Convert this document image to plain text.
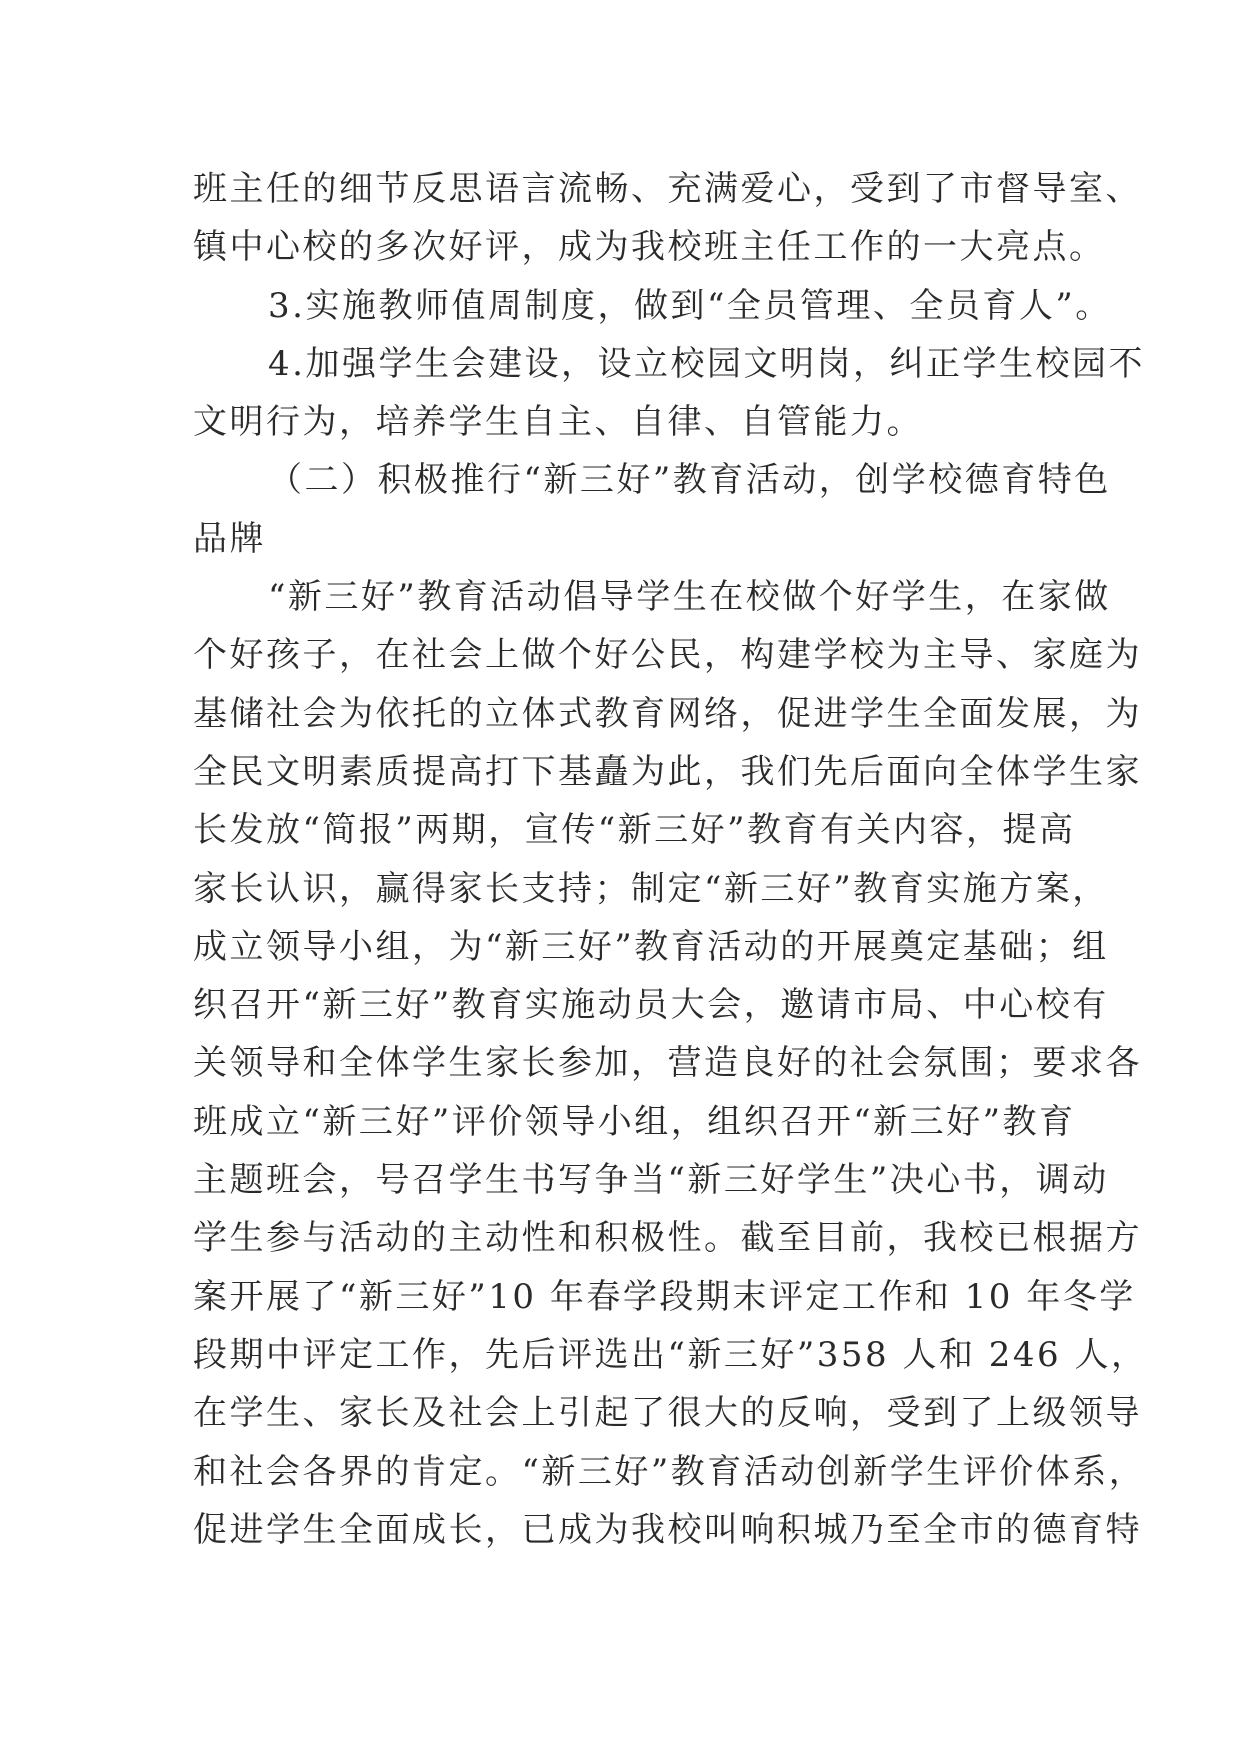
班主任的细节反思语言流畅、充满爱心，受到了市督导室、
镇中心校的多次好评，成为我校班主任工作的一大亮点。
3.实施教师值周制度，做到“全员管理、全员育人”。
4.加强学生会建设，设立校园文明岗，纠正学生校园不
文明行为，培养学生自主、自律、自管能力。
（二）积极推行“新三好”教育活动，创学校德育特色
品牌
“新三好”教育活动倡导学生在校做个好学生，在家做
个好孩子，在社会上做个好公民，构建学校为主导、家庭为
基储社会为依托的立体式教育网络，促进学生全面发展，为
全民文明素质提高打下基矗为此，我们先后面向全体学生家
长发放“简报”两期，宣传“新三好”教育有关内容，提高
家长认识，赢得家长支持；制定“新三好”教育实施方案，
成立领导小组，为“新三好”教育活动的开展奠定基础；组
织召开“新三好”教育实施动员大会，邀请市局、中心校有
关领导和全体学生家长参加，营造良好的社会氛围；要求各
班成立“新三好”评价领导小组，组织召开“新三好”教育
主题班会，号召学生书写争当“新三好学生”决心书，调动
学生参与活动的主动性和积极性。截至目前，我校已根据方
案开展了“新三好”10 年春学段期末评定工作和 10 年冬学
段期中评定工作，先后评选出“新三好”358 人和 246 人，
在学生、家长及社会上引起了很大的反响，受到了上级领导
和社会各界的肯定。“新三好”教育活动创新学生评价体系，
促进学生全面成长，已成为我校叫响积城乃至全市的德育特
